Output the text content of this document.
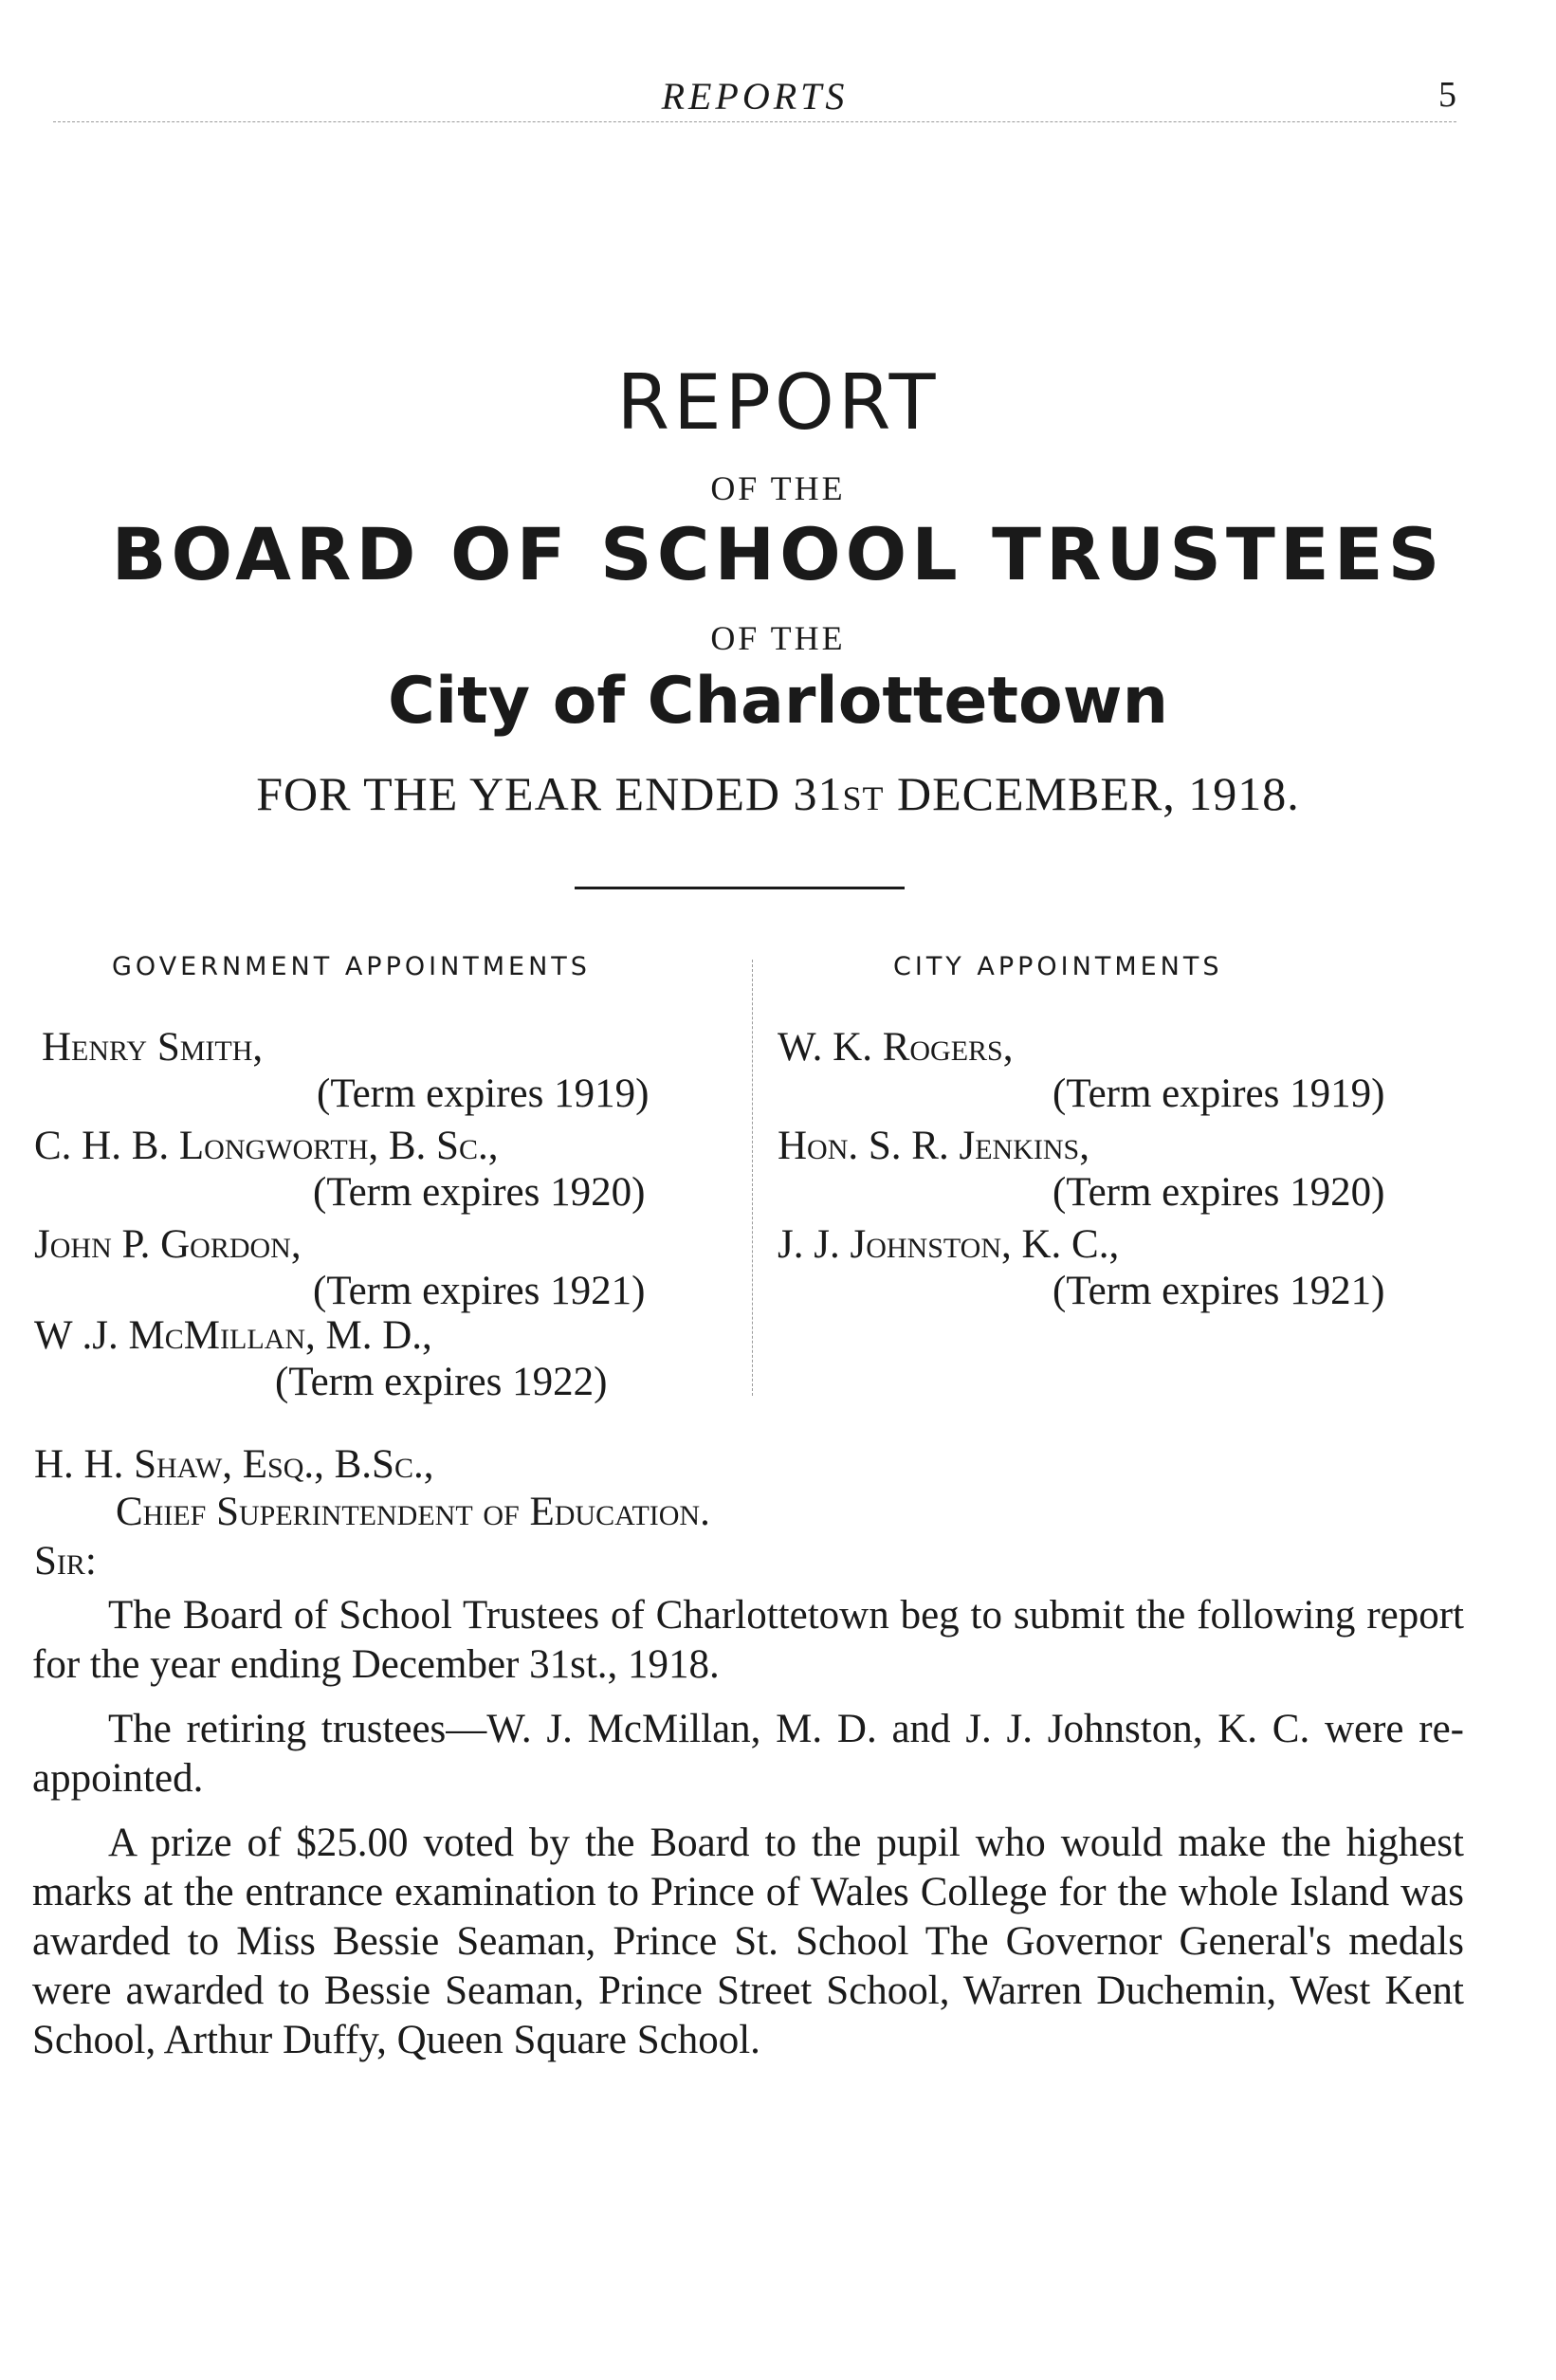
REPORTS	5
REPORT
OF THE
BOARD OF SCHOOL TRUSTEES
OF THE
City of Charlottetown
FOR THE YEAR ENDED 31ST DECEMBER, 1918.
GOVERNMENT APPOINTMENTS	CITY APPOINTMENTS
Henry Smith,
(Term expires 1919)
C. H. B. Longworth, B. Sc.,
(Term expires 1920)
John P. Gordon,
(Term expires 1921)
W .J. McMillan, M. D.,
(Term expires 1922)
W. K. Rogers,
(Term expires 1919)
Hon. S. R. Jenkins,
(Term expires 1920)
J. J. Johnston, K. C.,
(Term expires 1921)
H. H. Shaw, Esq., B.Sc.,
Chief Superintendent of Education.
Sir:

The Board of School Trustees of Charlottetown beg to submit the following report for the year ending December 31st., 1918.

The retiring trustees—W. J. McMillan, M. D. and J. J. Johnston, K. C. were re-appointed.

A prize of $25.00 voted by the Board to the pupil who would make the highest marks at the entrance examination to Prince of Wales College for the whole Island was awarded to Miss Bessie Seaman, Prince St. School The Governor General's medals were awarded to Bessie Seaman, Prince Street School, Warren Duchemin, West Kent School, Arthur Duffy, Queen Square School.
